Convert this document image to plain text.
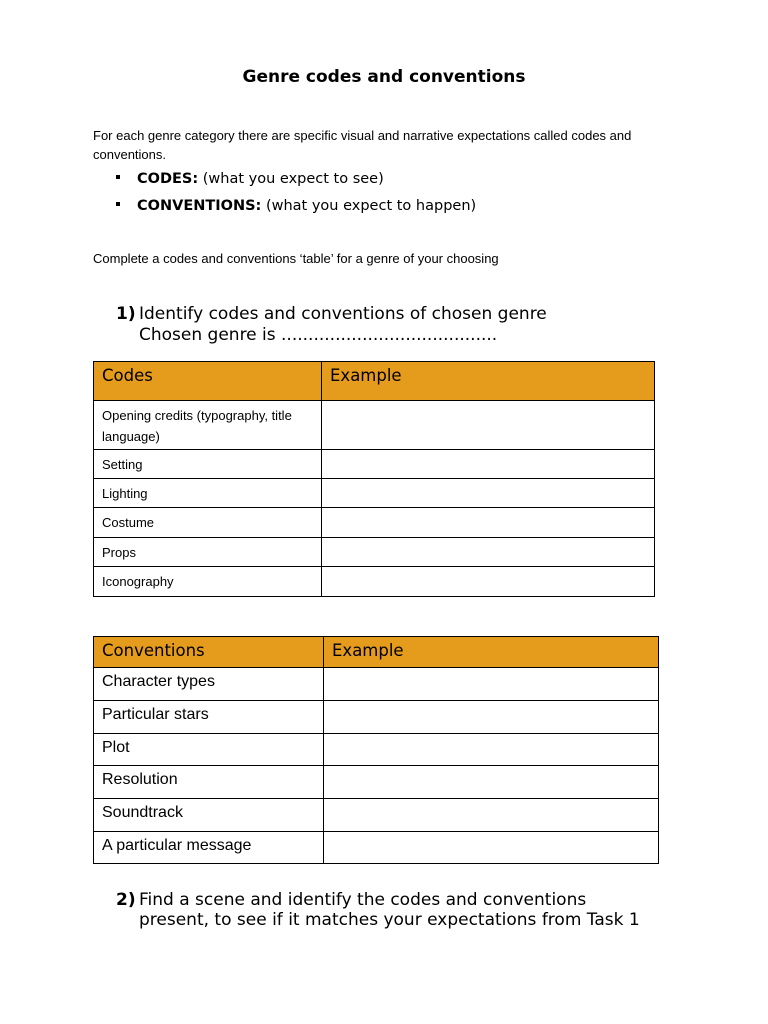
Genre codes and conventions
For each genre category there are specific visual and narrative expectations called codes and conventions.
CODES: (what you expect to see)
CONVENTIONS: (what you expect to happen)
Complete a codes and conventions ‘table’ for a genre of your choosing
1) Identify codes and conventions of chosen genre
Chosen genre is ........................................
Codes	Example
Opening credits (typography, title language)	
Setting	
Lighting	
Costume	
Props	
Iconography	
Conventions	Example
Character types	
Particular stars	
Plot	
Resolution	
Soundtrack	
A particular message	
2) Find a scene and identify the codes and conventions present, to see if it matches your expectations from Task 1
